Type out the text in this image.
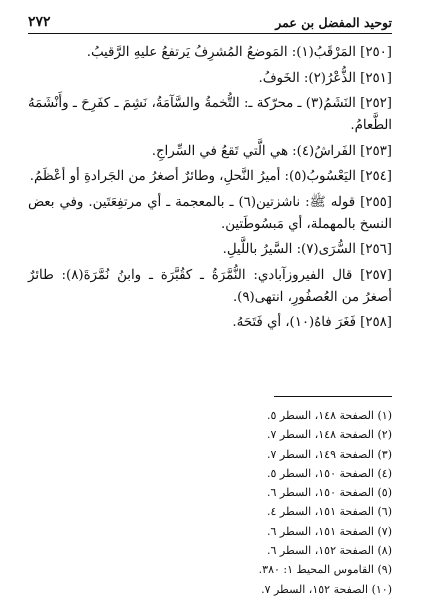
توحيد المفضل بن عمر
٢٧٢

[٢٥٠] المَرْقَبُ(١): المَوضعُ المُشرِفُ يَرتفعُ عليهِ الرَّقيبُ.

[٢٥١] الذُّعْرُ(٢): الخَوفُ.

[٢٥٢] النَشَمُ(٣) ـ محرّكة ـ: التُّخمةُ والسَّآمَةُ، نَشِمَ ـ كفَرِحَ ـ وأَنْشَمَهُ الطَّعامُ.

[٢٥٣] الفَراشُ(٤): هي الَّتي تَقعُ في السِّراجِ.

[٢٥٤] اليَعْسُوبُ(٥): أميرُ النَّحلِ، وطائرٌ أصغرُ من الجَرادةِ أو أعْظَمُ.

[٢٥٥] قوله ﷺ: ناشزتين(٦) ـ بالمعجمة ـ أي مرتفِعَتَين. وفي بعض النسخ بالمهملة، أي مَبسُوطَتين.

[٢٥٦] السُّرَى(٧): السَّيرُ باللَّيلِ.

[٢٥٧] قال الفيروزآبادي: النُّمَّرَةُ ـ كقُبَّرَة ـ وابنُ نُمَّرَةَ(٨): طائرٌ أصغرُ من العُصفُورِ، انتهى(٩).

[٢٥٨] فَغَرَ فاهُ(١٠)، أي فَتَحَهُ.

(١) الصفحة ١٤٨، السطر ٥.
(٢) الصفحة ١٤٨، السطر ٧.
(٣) الصفحة ١٤٩، السطر ٧.
(٤) الصفحة ١٥٠، السطر ٥.
(٥) الصفحة ١٥٠، السطر ٦.
(٦) الصفحة ١٥١، السطر ٤.
(٧) الصفحة ١٥١، السطر ٦.
(٨) الصفحة ١٥٢، السطر ٦.
(٩) القاموس المحيط ١: ٣٨٠.
(١٠) الصفحة ١٥٢، السطر ٧.
